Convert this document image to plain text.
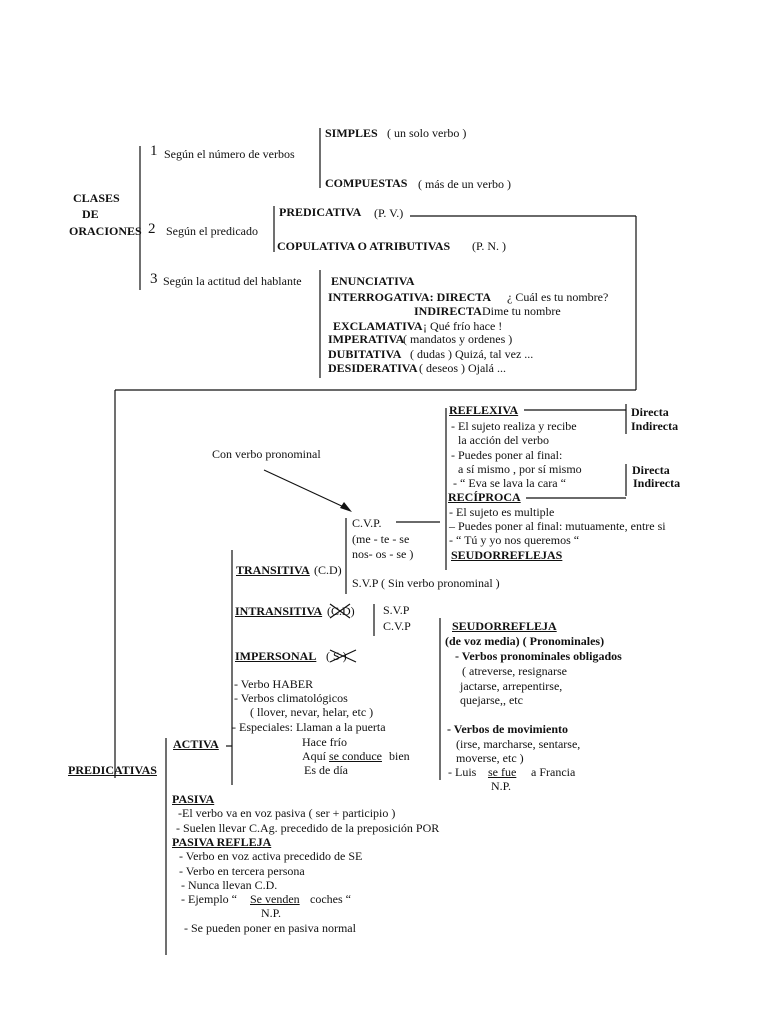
CLASES
DE
ORACIONES
1 Según el número de verbos
SIMPLES ( un solo verbo )
COMPUESTAS ( más de un verbo )
2 Según el predicado
PREDICATIVA (P. V.)
COPULATIVA O ATRIBUTIVAS (P. N. )
3 Según la actitud del hablante ENUNCIATIVA
INTERROGATIVA: DIRECTA ¿ Cuál es tu nombre?
INDIRECTA Dime tu nombre
EXCLAMATIVA ¡ Qué frío hace !
IMPERATIVA
( mandatos y ordenes )
DUBITATIVA ( dudas ) Quizá, tal vez ...
DESIDERATIVA ( deseos ) Ojalá ...
PREDICATIVAS
ACTIVA
TRANSITIVA (C.D)
Con verbo pronominal
C.V.P.
(me - te - se
nos- os - se )
S.V.P ( Sin verbo pronominal )
REFLEXIVA
- El sujeto realiza y recibe
la acción del verbo
- Puedes poner al final:
a sí mismo , por sí mismo
- “ Eva se lava la cara “
Directa
Indirecta
Directa
Indirecta
RECÍPROCA
- El sujeto es multiple
– Puedes poner al final: mutuamente, entre si
- “ Tú y yo nos queremos “
SEUDORREFLEJAS
INTRANSITIVA (C.D) S.V.P
C.V.P	SEUDORREFLEJA
(de voz media) ( Pronominales)
- Verbos pronominales obligados
( atreverse, resignarse
jactarse, arrepentirse,
quejarse,, etc
- Verbos de movimiento
(irse, marcharse, sentarse,
moverse, etc )
- Luis se fue a Francia
N.P.
IMPERSONAL ( S )
- Verbo HABER
- Verbos climatológicos
( llover, nevar, helar, etc )
- Especiales: Llaman a la puerta
Hace frío
Aquí se conduce bien
Es de día
PASIVA
-El verbo va en voz pasiva ( ser + participio )
- Suelen llevar C.Ag. precedido de la preposición POR
PASIVA REFLEJA
- Verbo en voz activa precedido de SE
- Verbo en tercera persona
- Nunca llevan C.D.
- Ejemplo “ Se venden coches “
N.P.
- Se pueden poner en pasiva normal
